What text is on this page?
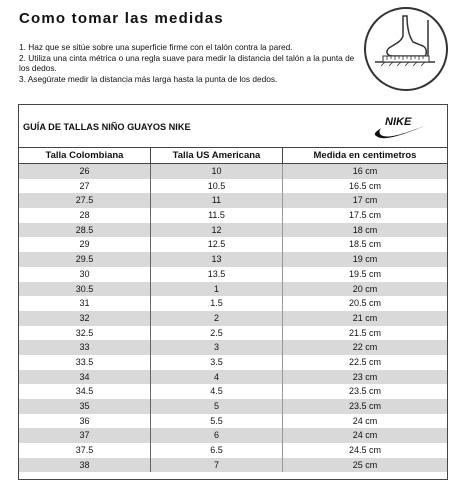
Como tomar las medidas
1. Haz que se sitúe sobre una superficie firme con el talón contra la pared.
2. Utiliza una cinta métrica o una regla suave para medir la distancia del talón a la punta de los dedos.
3. Asegúrate medir la distancia más larga hasta la punta de los dedos.
GUÍA DE TALLAS NIÑO GUAYOS NIKE	NIKE
Talla Colombiana	Talla US Americana	Medida en centimetros
26	10	16 cm
27	10.5	16.5 cm
27.5	11	17 cm
28	11.5	17.5 cm
28.5	12	18 cm
29	12.5	18.5 cm
29.5	13	19 cm
30	13.5	19.5 cm
30.5	1	20 cm
31	1.5	20.5 cm
32	2	21 cm
32.5	2.5	21.5 cm
33	3	22 cm
33.5	3.5	22.5 cm
34	4	23 cm
34.5	4.5	23.5 cm
35	5	23.5 cm
36	5.5	24 cm
37	6	24 cm
37.5	6.5	24.5 cm
38	7	25 cm
